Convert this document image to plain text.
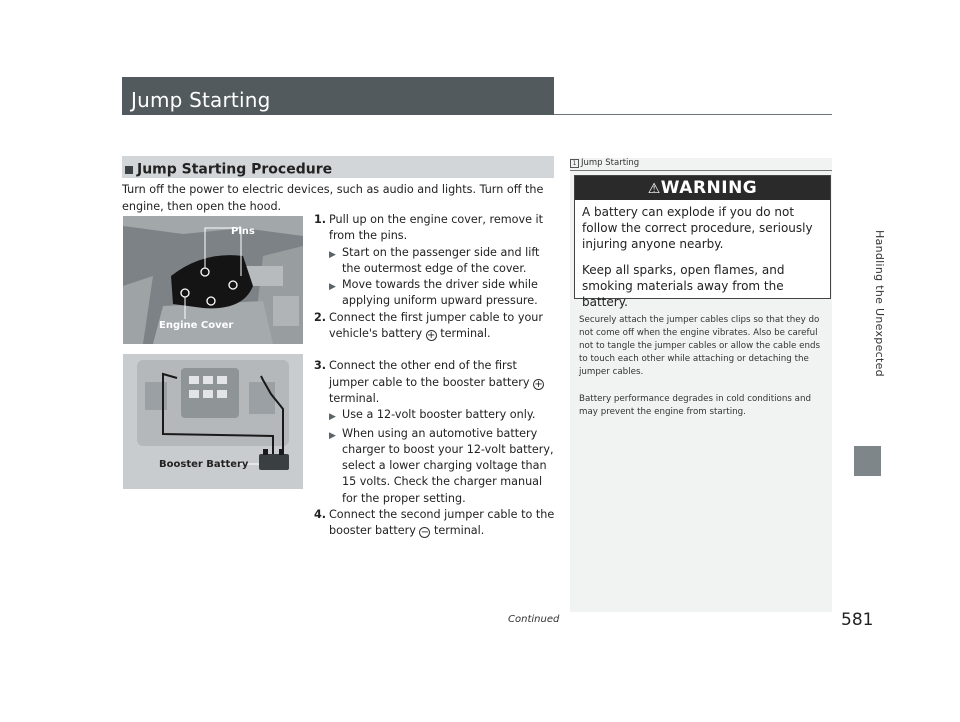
Jump Starting
Handling the Unexpected
Jump Starting Procedure
Turn off the power to electric devices, such as audio and lights. Turn off the engine, then open the hood.
Pins
Engine Cover
Booster Battery
1. Pull up on the engine cover, remove it from the pins.
▶ Start on the passenger side and lift the outermost edge of the cover.
▶ Move towards the driver side while applying uniform upward pressure.
2. Connect the first jumper cable to your vehicle's battery + terminal.
3. Connect the other end of the first jumper cable to the booster battery + terminal.
▶ Use a 12-volt booster battery only.
▶ When using an automotive battery charger to boost your 12-volt battery, select a lower charging voltage than 15 volts. Check the charger manual for the proper setting.
4. Connect the second jumper cable to the booster battery − terminal.
1 Jump Starting
⚠WARNING
A battery can explode if you do not follow the correct procedure, seriously injuring anyone nearby.
Keep all sparks, open flames, and smoking materials away from the battery.
Securely attach the jumper cables clips so that they do not come off when the engine vibrates. Also be careful not to tangle the jumper cables or allow the cable ends to touch each other while attaching or detaching the jumper cables.
Battery performance degrades in cold conditions and may prevent the engine from starting.
Continued	581
